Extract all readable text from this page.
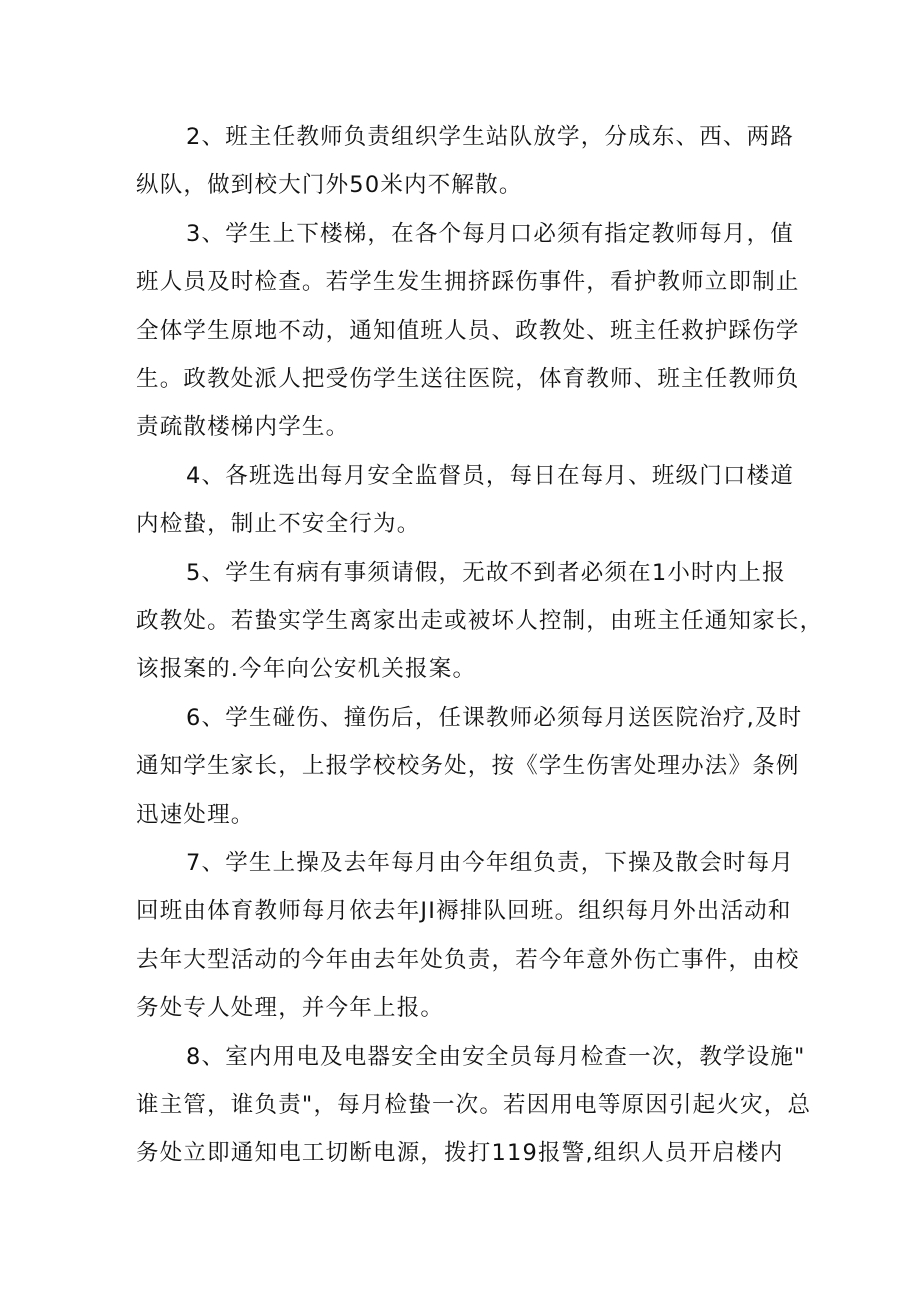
2、班主任教师负责组织学生站队放学，分成东、西、两路
纵队，做到校大门外50米内不解散。
3、学生上下楼梯，在各个每月口必须有指定教师每月，值
班人员及时检查。若学生发生拥挤踩伤事件，看护教师立即制止
全体学生原地不动，通知值班人员、政教处、班主任救护踩伤学
生。政教处派人把受伤学生送往医院，体育教师、班主任教师负
责疏散楼梯内学生。
4、各班选出每月安全监督员，每日在每月、班级门口楼道
内检蛰，制止不安全行为。
5、学生有病有事须请假，无故不到者必须在1小时内上报
政教处。若蛰实学生离家出走或被坏人控制，由班主任通知家长，
该报案的.今年向公安机关报案。
6、学生碰伤、撞伤后，任课教师必须每月送医院治疗,及时
通知学生家长，上报学校校务处，按《学生伤害处理办法》条例
迅速处理。
7、学生上操及去年每月由今年组负责，下操及散会时每月
回班由体育教师每月依去年JI褥排队回班。组织每月外出活动和
去年大型活动的今年由去年处负责，若今年意外伤亡事件，由校
务处专人处理，并今年上报。
8、室内用电及电器安全由安全员每月检查一次，教学设施"
谁主管，谁负责"，每月检蛰一次。若因用电等原因引起火灾，总
务处立即通知电工切断电源，拨打119报警,组织人员开启楼内
